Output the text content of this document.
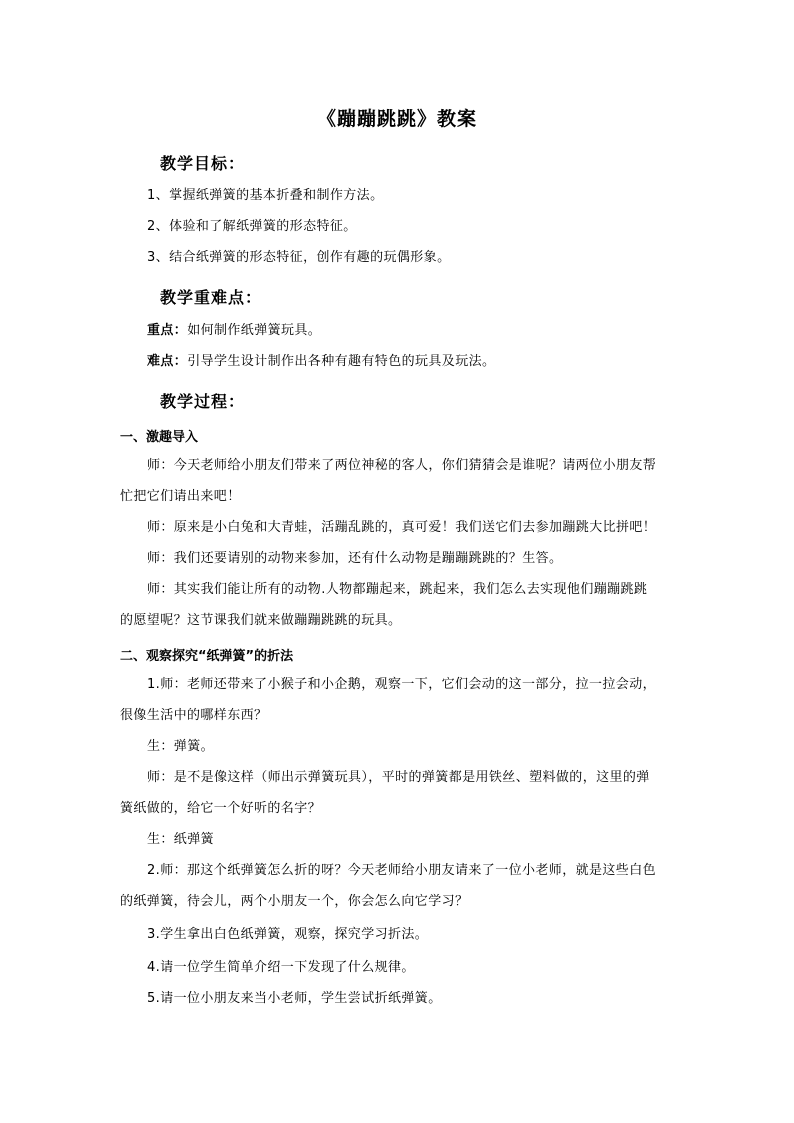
《蹦蹦跳跳》教案
教学目标：
1、掌握纸弹簧的基本折叠和制作方法。
2、体验和了解纸弹簧的形态特征。
3、结合纸弹簧的形态特征，创作有趣的玩偶形象。
教学重难点：
重点：如何制作纸弹簧玩具。
难点：引导学生设计制作出各种有趣有特色的玩具及玩法。
教学过程：
一、激趣导入
师：今天老师给小朋友们带来了两位神秘的客人，你们猜猜会是谁呢？请两位小朋友帮
忙把它们请出来吧！
师：原来是小白兔和大青蛙，活蹦乱跳的，真可爱！我们送它们去参加蹦跳大比拼吧！
师：我们还要请别的动物来参加，还有什么动物是蹦蹦跳跳的？生答。
师：其实我们能让所有的动物.人物都蹦起来，跳起来，我们怎么去实现他们蹦蹦跳跳
的愿望呢？这节课我们就来做蹦蹦跳跳的玩具。
二、观察探究“纸弹簧”的折法
1.师：老师还带来了小猴子和小企鹅，观察一下，它们会动的这一部分，拉一拉会动，
很像生活中的哪样东西？
生：弹簧。
师：是不是像这样（师出示弹簧玩具），平时的弹簧都是用铁丝、塑料做的，这里的弹
簧纸做的，给它一个好听的名字？
生：纸弹簧
2.师：那这个纸弹簧怎么折的呀？今天老师给小朋友请来了一位小老师，就是这些白色
的纸弹簧，待会儿，两个小朋友一个，你会怎么向它学习？
3.学生拿出白色纸弹簧，观察，探究学习折法。
4.请一位学生简单介绍一下发现了什么规律。
5.请一位小朋友来当小老师，学生尝试折纸弹簧。
